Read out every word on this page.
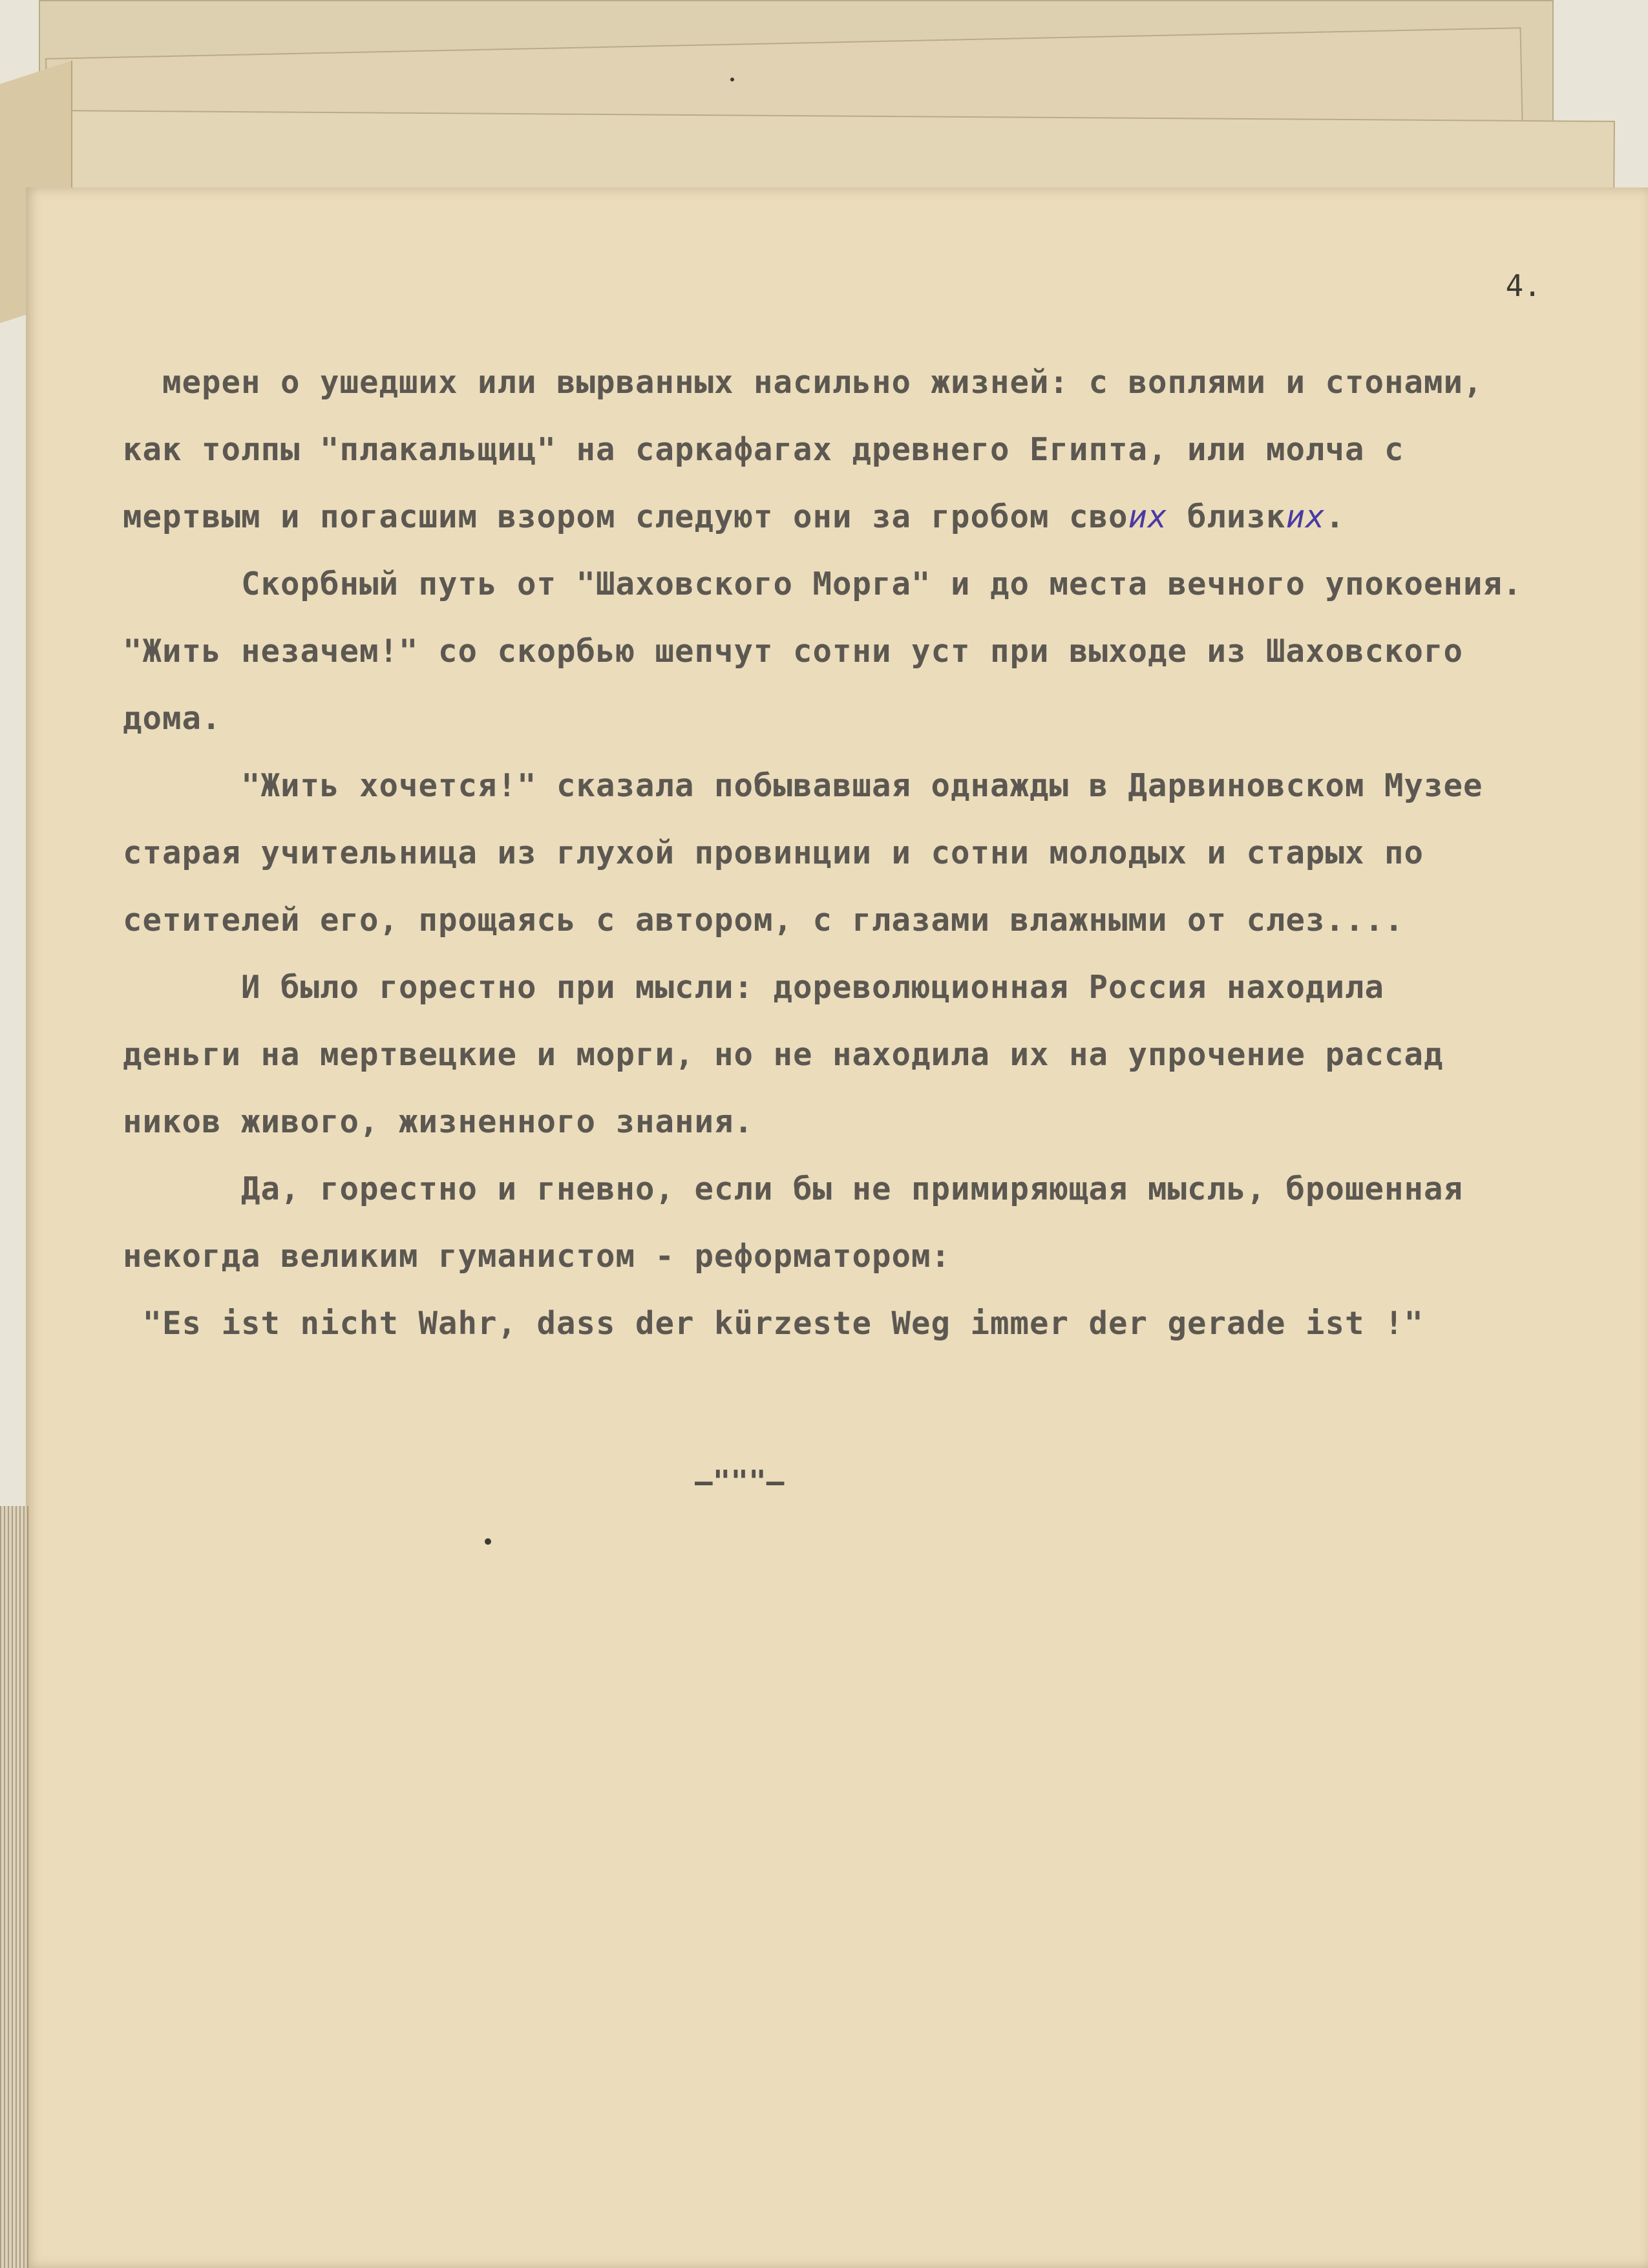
4.
мерен о ушедших или вырванных насильно жизней: с воплями и стонами,
как толпы "плакальщиц" на саркафагах древнего Египта, или молча с
мертвым и погасшим взором следуют они за гробом своих близких.
Скорбный путь от "Шаховского Морга" и до места вечного упокоения.
"Жить незачем!" со скорбью шепчут сотни уст при выходе из Шаховского
дома.
"Жить хочется!" сказала побывавшая однажды в Дарвиновском Музее
старая учительница из глухой провинции и сотни молодых и старых по
сетителей его, прощаясь с автором, с глазами влажными от слез....
И было горестно при мысли: дореволюционная Россия находила
деньги на мертвецкие и морги, но не находила их на упрочение рассад
ников живого, жизненного знания.
Да, горестно и гневно, если бы не примиряющая мысль, брошенная
некогда великим гуманистом - реформатором:
"Es ist nicht Wahr, dass der kürzeste Weg immer der gerade ist !"
—"""—
